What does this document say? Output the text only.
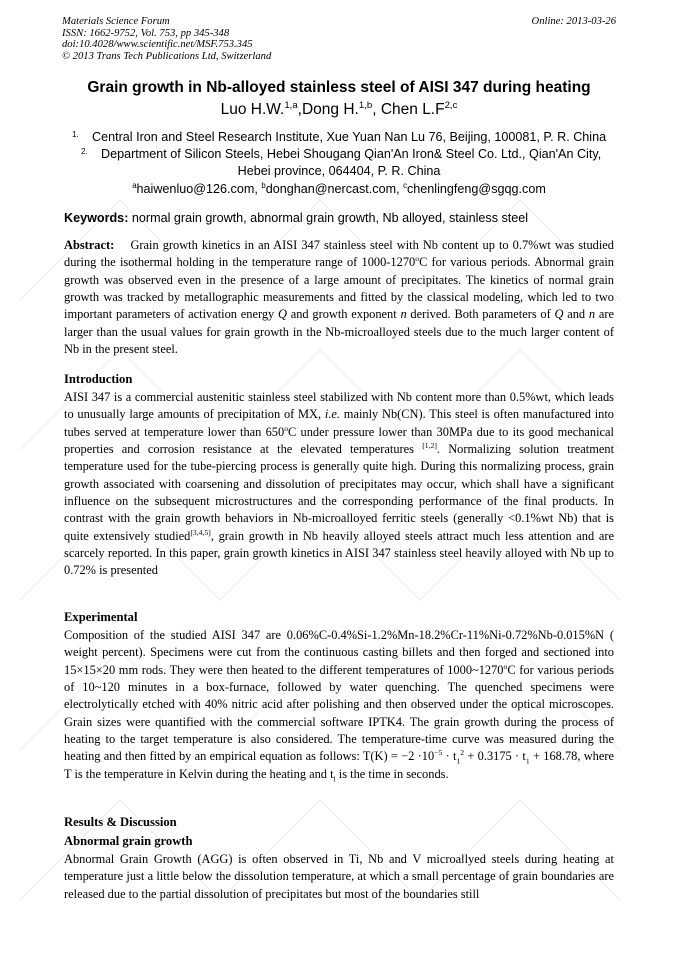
Materials Science Forum
ISSN: 1662-9752, Vol. 753, pp 345-348
doi:10.4028/www.scientific.net/MSF.753.345
© 2013 Trans Tech Publications Ltd, Switzerland
Online: 2013-03-26
Grain growth in Nb-alloyed stainless steel of AISI 347 during heating
Luo H.W.$^{1,a}$,Dong H.$^{1,b}$, Chen $L.F^{2,c}$
1. Central Iron and Steel Research Institute, Xue Yuan Nan Lu 76, Beijing, 100081, P. R. China
2. Department of Silicon Steels, Hebei Shougang Qian'An Iron& Steel Co. Ltd., Qian'An City,
Hebei province, 064404, P. R. China
$^a$haiwenluo@126.com, $^b$donghan@nercast.com, $^c$chenlingfeng@sgqg.com
Keywords: normal grain growth, abnormal grain growth, Nb alloyed, stainless steel

Abstract: Grain growth kinetics in an AISI 347 stainless steel with Nb content up to 0.7%wt was studied during the isothermal holding in the temperature range of 1000-1270$^o$C for various periods. Abnormal grain growth was observed even in the presence of a large amount of precipitates. The kinetics of normal grain growth was tracked by metallographic measurements and fitted by the classical modeling, which led to two important parameters of activation energy Q and growth exponent n derived. Both parameters of Q and n are larger than the usual values for grain growth in the Nb-microalloyed steels due to the much larger content of Nb in the present steel.

Introduction

AISI 347 is a commercial austenitic stainless steel stabilized with Nb content more than 0.5%wt, which leads to unusually large amounts of precipitation of MX, i.e. mainly Nb(CN). This steel is often manufactured into tubes served at temperature lower than 650$^o$C under pressure lower than 30MPa due to its good mechanical properties and corrosion resistance at the elevated temperatures [1,2]. Normalizing solution treatment temperature used for the tube-piercing process is generally quite high. During this normalizing process, grain growth associated with coarsening and dissolution of precipitates may occur, which shall have a significant influence on the subsequent microstructures and the corresponding performance of the final products. In contrast with the grain growth behaviors in Nb-microalloyed ferritic steels (generally <0.1%wt Nb) that is quite extensively studied[3,4,5], grain growth in Nb heavily alloyed steels attract much less attention and are scarcely reported. In this paper, grain growth kinetics in AISI 347 stainless steel heavily alloyed with Nb up to 0.72% is presented

Experimental

Composition of the studied AISI 347 are 0.06%C-0.4%Si-1.2%Mn-18.2%Cr-11%Ni-0.72%Nb-0.015%N ( weight percent). Specimens were cut from the continuous casting billets and then forged and sectioned into 15×15×20 mm rods. They were then heated to the different temperatures of 1000~1270$^o$C for various periods of 10~120 minutes in a box-furnace, followed by water quenching. The quenched specimens were electrolytically etched with 40% nitric acid after polishing and then observed under the optical microscopes. Grain sizes were quantified with the commercial software IPTK4. The grain growth during the process of heating to the target temperature is also considered. The temperature-time curve was measured during the heating and then fitted by an empirical equation as follows: $T(K) = -2 \cdot 10^{-5} \cdot t_1^2 + 0.3175 \cdot t_1 + 168.78$, where T is the temperature in Kelvin during the heating and $t_l$ is the time in seconds.

Results & Discussion
Abnormal grain growth

Abnormal Grain Growth (AGG) is often observed in Ti, Nb and V microallyed steels during heating at temperature just a little below the dissolution temperature, at which a small percentage of grain boundaries are released due to the partial dissolution of precipitates but most of the boundaries still
